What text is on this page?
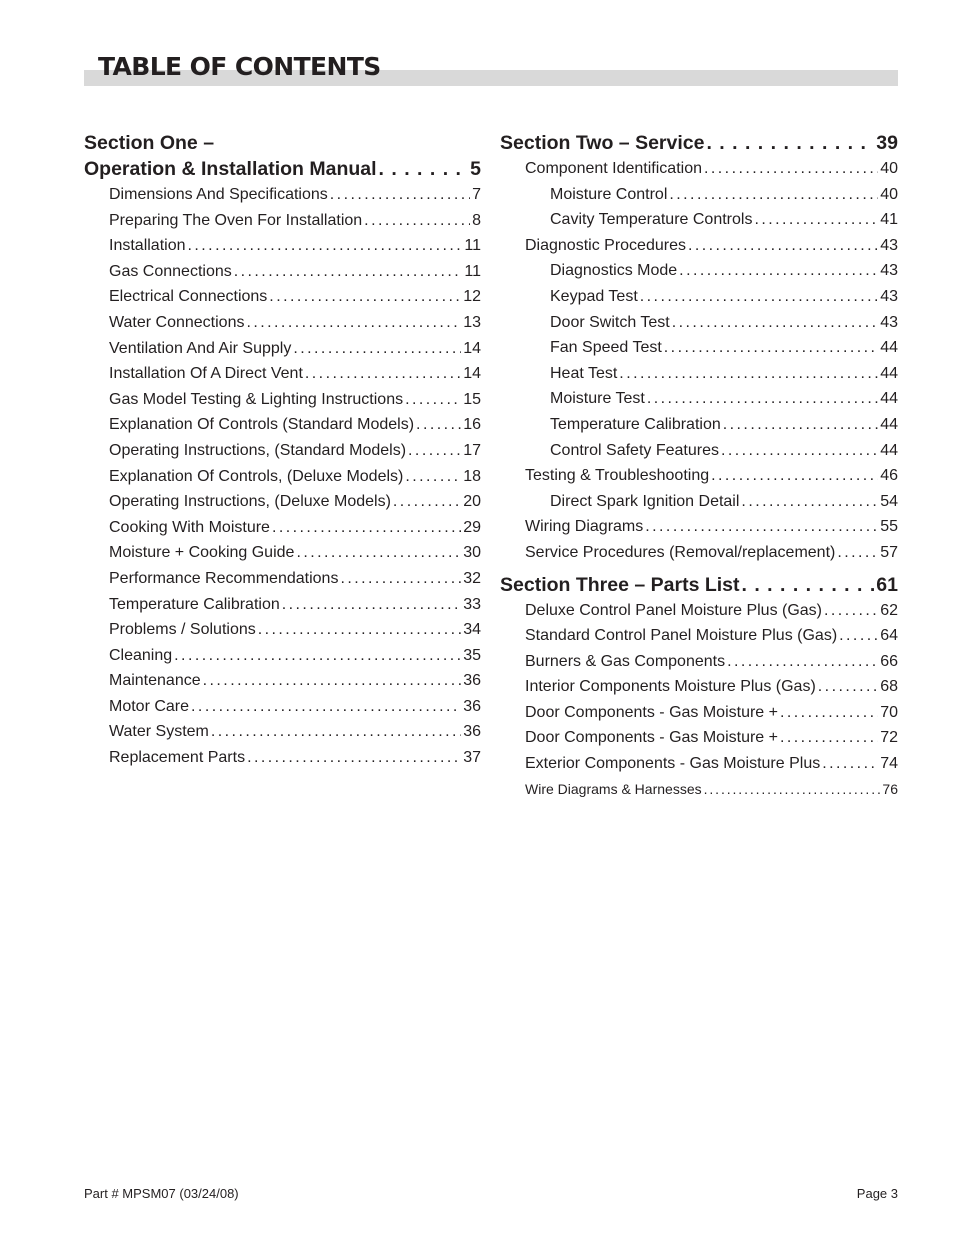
TABLE OF CONTENTS
Section One –
Operation & Installation Manual . . .	5
Dimensions And Specifications . . .	7
Preparing The Oven For Installation . . .	8
Installation . . .	11
Gas Connections . . .	11
Electrical Connections . . .	12
Water Connections . . .	13
Ventilation And Air Supply . . .	14
Installation Of A Direct Vent . . .	14
Gas Model Testing & Lighting Instructions . . .	15
Explanation Of Controls (Standard Models) . . .	16
Operating Instructions, (Standard Models) . . .	17
Explanation Of Controls, (Deluxe Models) . . .	18
Operating Instructions, (Deluxe Models) . . .	20
Cooking With Moisture . . .	29
Moisture + Cooking Guide . . .	30
Performance Recommendations . . .	32
Temperature Calibration . . .	33
Problems / Solutions . . .	34
Cleaning . . .	35
Maintenance . . .	36
Motor Care . . .	36
Water System . . .	36
Replacement Parts . . .	37
Section Two – Service . . .	39
Component Identification . . .	40
Moisture Control . . .	40
Cavity Temperature Controls . . .	41
Diagnostic Procedures . . .	43
Diagnostics Mode . . .	43
Keypad Test . . .	43
Door Switch Test . . .	43
Fan Speed Test . . .	44
Heat Test . . .	44
Moisture Test . . .	44
Temperature Calibration . . .	44
Control Safety Features . . .	44
Testing & Troubleshooting . . .	46
Direct Spark Ignition Detail . . .	54
Wiring Diagrams . . .	55
Service Procedures (Removal/replacement) . . .	57
Section Three – Parts List . . .	61
Deluxe Control Panel Moisture Plus (Gas) . . .	62
Standard Control Panel Moisture Plus (Gas) . . .	64
Burners & Gas Components . . .	66
Interior Components Moisture Plus (Gas) . . .	68
Door Components - Gas Moisture + . . .	70
Door Components - Gas Moisture + . . .	72
Exterior Components - Gas Moisture Plus . . .	74
Wire Diagrams & Harnesses . . .	76
Part # MPSM07 (03/24/08)	Page 3
